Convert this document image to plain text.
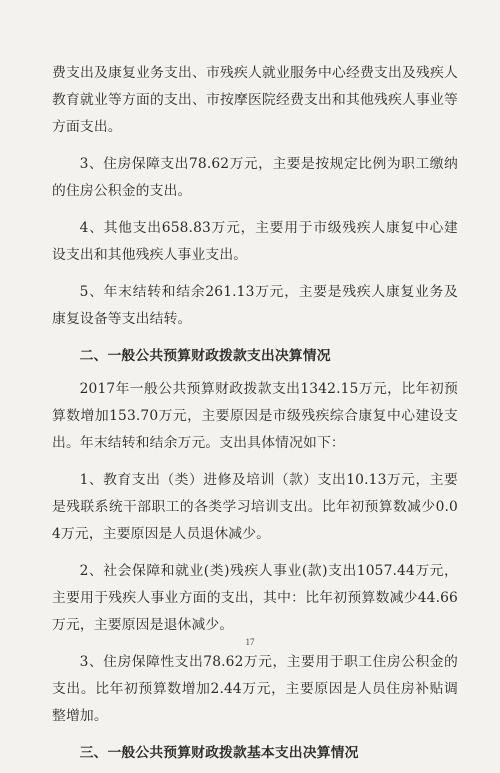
费支出及康复业务支出、市残疾人就业服务中心经费支出及残疾人教育就业等方面的支出、市按摩医院经费支出和其他残疾人事业等方面支出。

3、住房保障支出78.62万元，主要是按规定比例为职工缴纳的住房公积金的支出。

4、其他支出658.83万元，主要用于市级残疾人康复中心建设支出和其他残疾人事业支出。

5、年末结转和结余261.13万元，主要是残疾人康复业务及康复设备等支出结转。

二、一般公共预算财政拨款支出决算情况

2017年一般公共预算财政拨款支出1342.15万元，比年初预算数增加153.70万元，主要原因是市级残疾综合康复中心建设支出。年末结转和结余万元。支出具体情况如下：

1、教育支出（类）进修及培训（款）支出10.13万元，主要是残联系统干部职工的各类学习培训支出。比年初预算数减少0.04万元，主要原因是人员退休减少。

2、社会保障和就业(类)残疾人事业(款)支出1057.44万元，主要用于残疾人事业方面的支出，其中：比年初预算数减少44.66万元，主要原因是退休减少。

3、住房保障性支出78.62万元，主要用于职工住房公积金的支出。比年初预算数增加2.44万元，主要原因是人员住房补贴调整增加。

三、一般公共预算财政拨款基本支出决算情况

17
